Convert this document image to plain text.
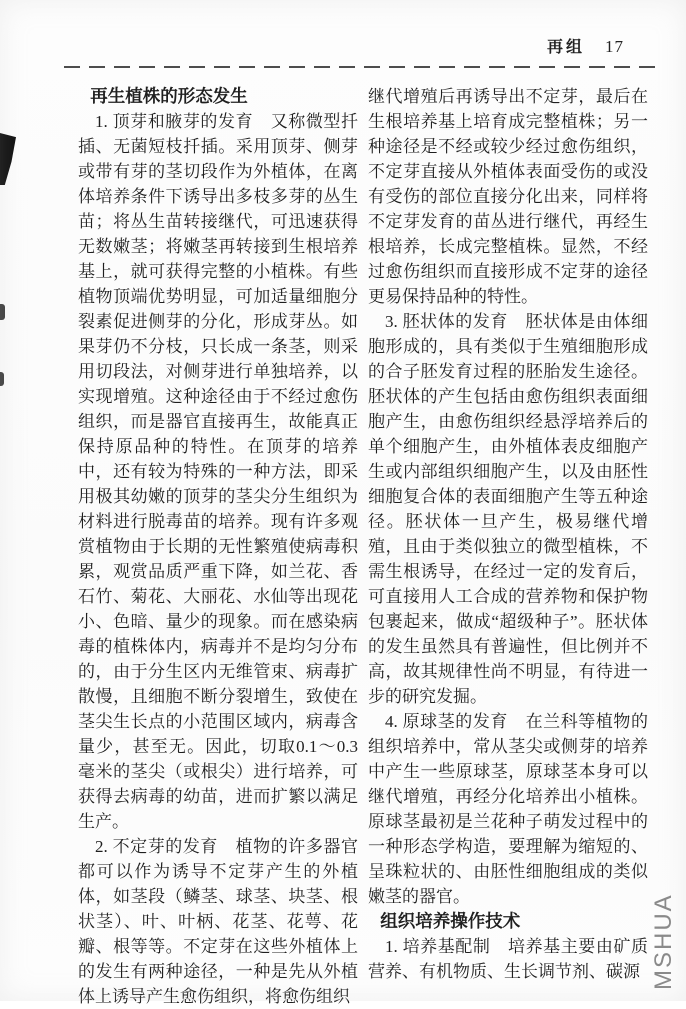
再组 17
再生植株的形态发生

1. 顶芽和腋芽的发育　又称微型扦插、无菌短枝扦插。采用顶芽、侧芽或带有芽的茎切段作为外植体，在离体培养条件下诱导出多枝多芽的丛生苗；将丛生苗转接继代，可迅速获得无数嫩茎；将嫩茎再转接到生根培养基上，就可获得完整的小植株。有些植物顶端优势明显，可加适量细胞分裂素促进侧芽的分化，形成芽丛。如果芽仍不分枝，只长成一条茎，则采用切段法，对侧芽进行单独培养，以实现增殖。这种途径由于不经过愈伤组织，而是器官直接再生，故能真正保持原品种的特性。在顶芽的培养中，还有较为特殊的一种方法，即采用极其幼嫩的顶芽的茎尖分生组织为材料进行脱毒苗的培养。现有许多观赏植物由于长期的无性繁殖使病毒积累，观赏品质严重下降，如兰花、香石竹、菊花、大丽花、水仙等出现花小、色暗、量少的现象。而在感染病毒的植株体内，病毒并不是均匀分布的，由于分生区内无维管束、病毒扩散慢，且细胞不断分裂增生，致使在茎尖生长点的小范围区域内，病毒含量少，甚至无。因此，切取0.1～0.3毫米的茎尖（或根尖）进行培养，可获得去病毒的幼苗，进而扩繁以满足生产。

2. 不定芽的发育　植物的许多器官都可以作为诱导不定芽产生的外植体，如茎段（鳞茎、球茎、块茎、根状茎）、叶、叶柄、花茎、花萼、花瓣、根等等。不定芽在这些外植体上的发生有两种途径，一种是先从外植体上诱导产生愈伤组织，将愈伤组织

继代增殖后再诱导出不定芽，最后在生根培养基上培育成完整植株；另一种途径是不经或较少经过愈伤组织，不定芽直接从外植体表面受伤的或没有受伤的部位直接分化出来，同样将不定芽发育的苗丛进行继代，再经生根培养，长成完整植株。显然，不经过愈伤组织而直接形成不定芽的途径更易保持品种的特性。

3. 胚状体的发育　胚状体是由体细胞形成的，具有类似于生殖细胞形成的合子胚发育过程的胚胎发生途径。胚状体的产生包括由愈伤组织表面细胞产生，由愈伤组织经悬浮培养后的单个细胞产生，由外植体表皮细胞产生或内部组织细胞产生，以及由胚性细胞复合体的表面细胞产生等五种途径。胚状体一旦产生，极易继代增殖，且由于类似独立的微型植株，不需生根诱导，在经过一定的发育后，可直接用人工合成的营养物和保护物包裹起来，做成“超级种子”。胚状体的发生虽然具有普遍性，但比例并不高，故其规律性尚不明显，有待进一步的研究发掘。

4. 原球茎的发育　在兰科等植物的组织培养中，常从茎尖或侧芽的培养中产生一些原球茎，原球茎本身可以继代增殖，再经分化培养出小植株。原球茎最初是兰花种子萌发过程中的一种形态学构造，要理解为缩短的、呈珠粒状的、由胚性细胞组成的类似嫩茎的器官。

组织培养操作技术

1. 培养基配制　培养基主要由矿质营养、有机物质、生长调节剂、碳源 MSHUA
